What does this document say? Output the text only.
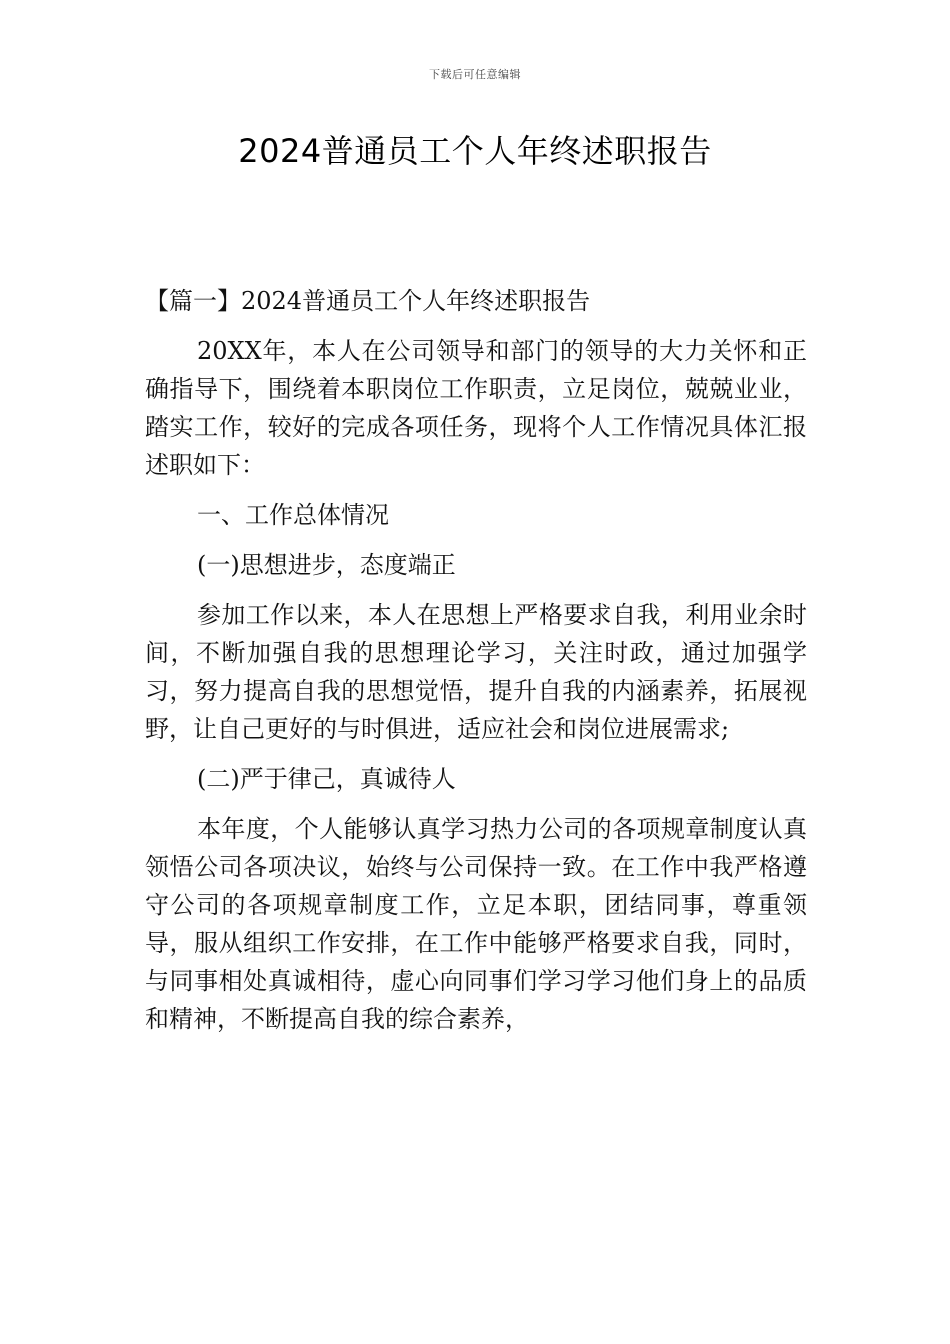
下载后可任意编辑
2024普通员工个人年终述职报告

【篇一】2024普通员工个人年终述职报告

20XX年，本人在公司领导和部门的领导的大力关怀和正确指导下，围绕着本职岗位工作职责，立足岗位，兢兢业业，踏实工作，较好的完成各项任务，现将个人工作情况具体汇报述职如下：

一、工作总体情况

(一)思想进步，态度端正

参加工作以来，本人在思想上严格要求自我，利用业余时间，不断加强自我的思想理论学习，关注时政，通过加强学习，努力提高自我的思想觉悟，提升自我的内涵素养，拓展视野，让自己更好的与时俱进，适应社会和岗位进展需求;

(二)严于律己，真诚待人

本年度，个人能够认真学习热力公司的各项规章制度认真领悟公司各项决议，始终与公司保持一致。在工作中我严格遵守公司的各项规章制度工作，立足本职，团结同事，尊重领导，服从组织工作安排，在工作中能够严格要求自我，同时，与同事相处真诚相待，虚心向同事们学习学习他们身上的品质和精神，不断提高自我的综合素养，
